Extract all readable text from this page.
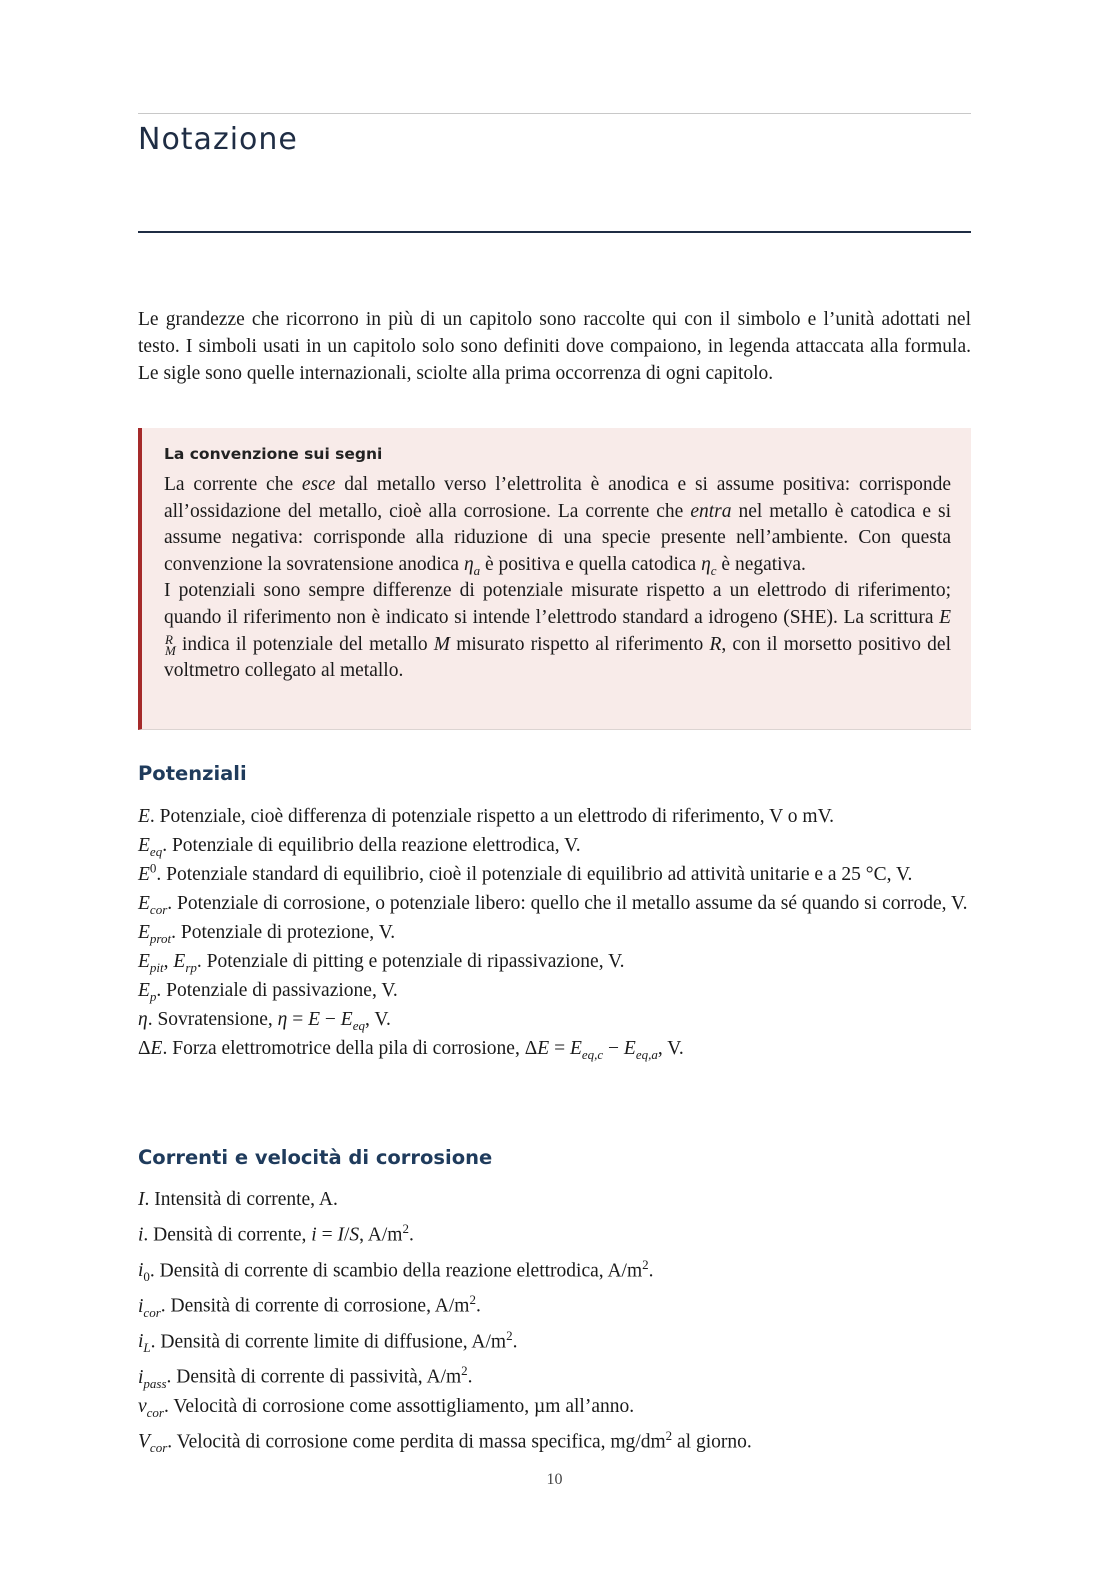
Notazione

Le grandezze che ricorrono in più di un capitolo sono raccolte qui con il simbolo e l’unità adottati nel testo. I simboli usati in un capitolo solo sono definiti dove compaiono, in legenda attaccata alla formula. Le sigle sono quelle internazionali, sciolte alla prima occorrenza di ogni capitolo.

La convenzione sui segni

La corrente che esce dal metallo verso l’elettrolita è anodica e si assume positiva: corrisponde all’ossidazione del metallo, cioè alla corrosione. La corrente che entra nel metallo è catodica e si assume negativa: corrisponde alla riduzione di una specie presente nell’ambiente. Con questa convenzione la sovratensione anodica $\eta_a$ è positiva e quella catodica $\eta_c$ è negativa.

I potenziali sono sempre differenze di potenziale misurate rispetto a un elettrodo di riferimento; quando il riferimento non è indicato si intende l’elettrodo standard a idrogeno (SHE). La scrittura E
R
M indica il potenziale del metallo M misurato rispetto al riferimento R, con il morsetto positivo del voltmetro collegato al metallo.

Potenziali
E. Potenziale, cioè differenza di potenziale rispetto a un elettrodo di riferimento, V o mV.
$E_{eq}$. Potenziale di equilibrio della reazione elettrodica, V.
$E^0$. Potenziale standard di equilibrio, cioè il potenziale di equilibrio ad attività unitarie e a 25 °C, V.
$E_{cor}$. Potenziale di corrosione, o potenziale libero: quello che il metallo assume da sé quando si corrode, V.
$E_{prot}$. Potenziale di protezione, V.
$E_{pit}$, $E_{rp}$. Potenziale di pitting e potenziale di ripassivazione, V.
$E_p$. Potenziale di passivazione, V.
η. Sovratensione, $\eta = E - E_{eq}$, V.
ΔE. Forza elettromotrice della pila di corrosione, $\Delta E = E_{eq,c} - E_{eq,a}$, V.
Correnti e velocità di corrosione
I. Intensità di corrente, A.
i. Densità di corrente, i = I/S, $A/m^2$.
$i_0$. Densità di corrente di scambio della reazione elettrodica, $A/m^2$.
$i_{cor}$. Densità di corrente di corrosione, $A/m^2$.
$i_L$. Densità di corrente limite di diffusione, $A/m^2$.
$i_{pass}$. Densità di corrente di passività, $A/m^2$.
$v_{cor}$. Velocità di corrosione come assottigliamento, µm all’anno.
$V_{cor}$. Velocità di corrosione come perdita di massa specifica, $mg/dm^2$ al giorno.
10
